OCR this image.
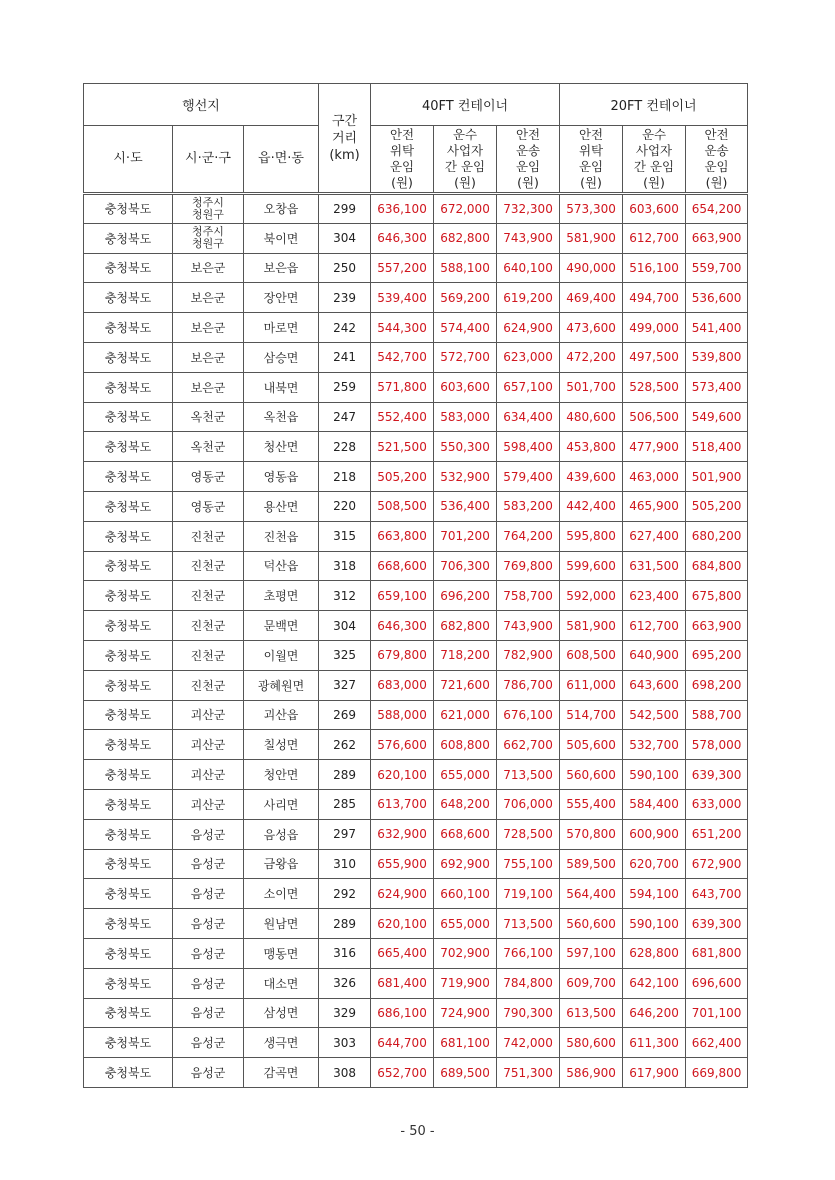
행선지			구간
거리
(km)	40FT 컨테이너			20FT 컨테이너		
시·도	시·군·구	읍·면·동		안전
위탁
운임
(원)	운수
사업자
간 운임
(원)	안전
운송
운임
(원)	안전
위탁
운임
(원)	운수
사업자
간 운임
(원)	안전
운송
운임
(원)

충청북도	청주시
청원구	오창읍	299	636,100	672,000	732,300	573,300	603,600	654,200
충청북도	청주시
청원구	북이면	304	646,300	682,800	743,900	581,900	612,700	663,900
충청북도	보은군	보은읍	250	557,200	588,100	640,100	490,000	516,100	559,700
충청북도	보은군	장안면	239	539,400	569,200	619,200	469,400	494,700	536,600
충청북도	보은군	마로면	242	544,300	574,400	624,900	473,600	499,000	541,400
충청북도	보은군	삼승면	241	542,700	572,700	623,000	472,200	497,500	539,800
충청북도	보은군	내북면	259	571,800	603,600	657,100	501,700	528,500	573,400
충청북도	옥천군	옥천읍	247	552,400	583,000	634,400	480,600	506,500	549,600
충청북도	옥천군	청산면	228	521,500	550,300	598,400	453,800	477,900	518,400
충청북도	영동군	영동읍	218	505,200	532,900	579,400	439,600	463,000	501,900
충청북도	영동군	용산면	220	508,500	536,400	583,200	442,400	465,900	505,200
충청북도	진천군	진천읍	315	663,800	701,200	764,200	595,800	627,400	680,200
충청북도	진천군	덕산읍	318	668,600	706,300	769,800	599,600	631,500	684,800
충청북도	진천군	초평면	312	659,100	696,200	758,700	592,000	623,400	675,800
충청북도	진천군	문백면	304	646,300	682,800	743,900	581,900	612,700	663,900
충청북도	진천군	이월면	325	679,800	718,200	782,900	608,500	640,900	695,200
충청북도	진천군	광혜원면	327	683,000	721,600	786,700	611,000	643,600	698,200
충청북도	괴산군	괴산읍	269	588,000	621,000	676,100	514,700	542,500	588,700
충청북도	괴산군	칠성면	262	576,600	608,800	662,700	505,600	532,700	578,000
충청북도	괴산군	청안면	289	620,100	655,000	713,500	560,600	590,100	639,300
충청북도	괴산군	사리면	285	613,700	648,200	706,000	555,400	584,400	633,000
충청북도	음성군	음성읍	297	632,900	668,600	728,500	570,800	600,900	651,200
충청북도	음성군	금왕읍	310	655,900	692,900	755,100	589,500	620,700	672,900
충청북도	음성군	소이면	292	624,900	660,100	719,100	564,400	594,100	643,700
충청북도	음성군	원남면	289	620,100	655,000	713,500	560,600	590,100	639,300
충청북도	음성군	맹동면	316	665,400	702,900	766,100	597,100	628,800	681,800
충청북도	음성군	대소면	326	681,400	719,900	784,800	609,700	642,100	696,600
충청북도	음성군	삼성면	329	686,100	724,900	790,300	613,500	646,200	701,100
충청북도	음성군	생극면	303	644,700	681,100	742,000	580,600	611,300	662,400
충청북도	음성군	감곡면	308	652,700	689,500	751,300	586,900	617,900	669,800
- 50 -
